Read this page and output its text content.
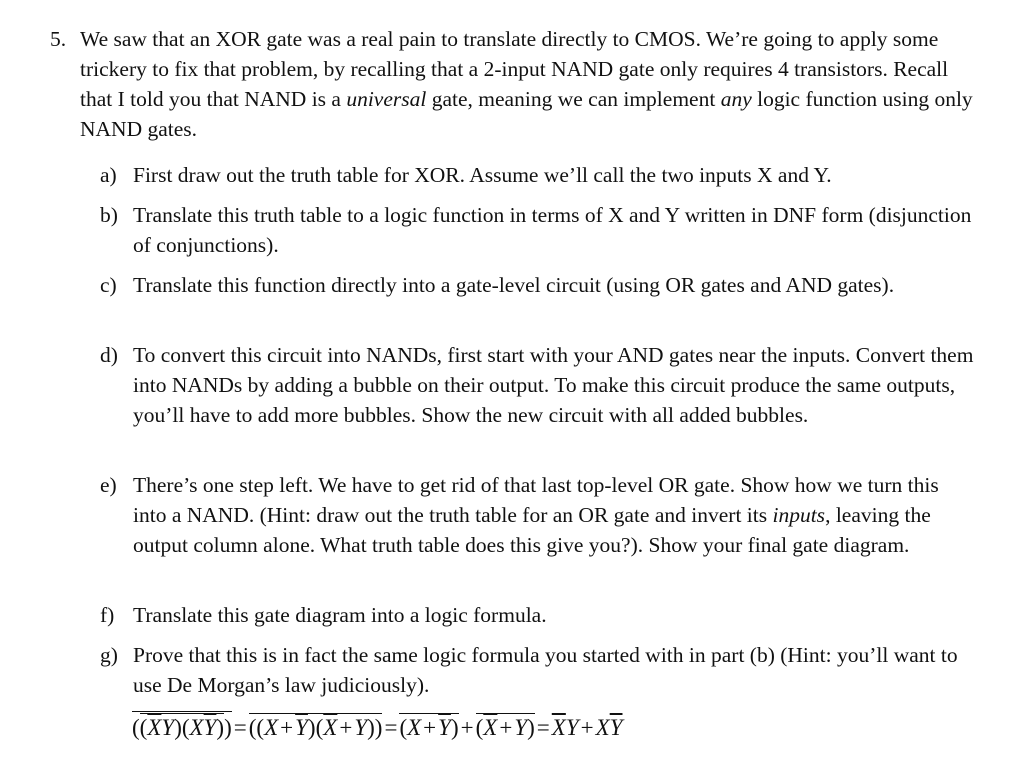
5. We saw that an XOR gate was a real pain to translate directly to CMOS. We’re going to apply some trickery to fix that problem, by recalling that a 2-input NAND gate only requires 4 transistors. Recall that I told you that NAND is a universal gate, meaning we can implement any logic function using only NAND gates.
a) First draw out the truth table for XOR. Assume we’ll call the two inputs X and Y.
b) Translate this truth table to a logic function in terms of X and Y written in DNF form (disjunction of conjunctions).
c) Translate this function directly into a gate-level circuit (using OR gates and AND gates).
d) To convert this circuit into NANDs, first start with your AND gates near the inputs. Convert them into NANDs by adding a bubble on their output. To make this circuit produce the same outputs, you’ll have to add more bubbles. Show the new circuit with all added bubbles.
e) There’s one step left. We have to get rid of that last top-level OR gate. Show how we turn this into a NAND. (Hint: draw out the truth table for an OR gate and invert its inputs, leaving the output column alone. What truth table does this give you?). Show your final gate diagram.
f) Translate this gate diagram into a logic formula.
g) Prove that this is in fact the same logic formula you started with in part (b) (Hint: you’ll want to use De Morgan’s law judiciously).
$((\overline{X}Y)(X\overline{Y}))=((X+\overline{Y})(\overline{X}+Y))=(X+\overline{Y})+(\overline{X}+Y)=\overline{X}Y+X\overline{Y}$
